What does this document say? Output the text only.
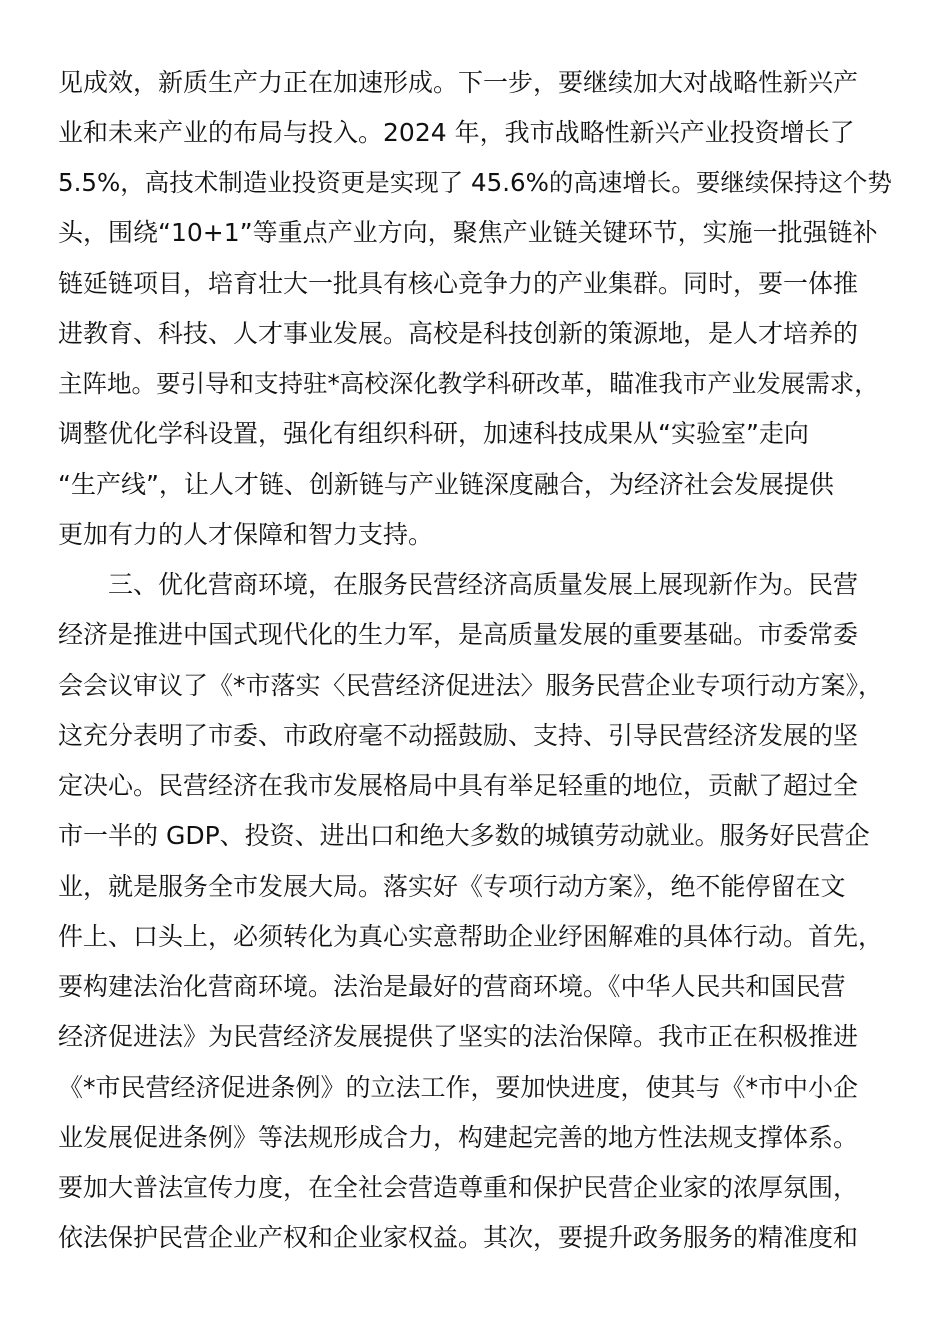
见成效，新质生产力正在加速形成。下一步，要继续加大对战略性新兴产
业和未来产业的布局与投入。2024 年，我市战略性新兴产业投资增长了
5.5%，高技术制造业投资更是实现了 45.6%的高速增长。要继续保持这个势
头，围绕“10+1”等重点产业方向，聚焦产业链关键环节，实施一批强链补
链延链项目，培育壮大一批具有核心竞争力的产业集群。同时，要一体推
进教育、科技、人才事业发展。高校是科技创新的策源地，是人才培养的
主阵地。要引导和支持驻*高校深化教学科研改革，瞄准我市产业发展需求，
调整优化学科设置，强化有组织科研，加速科技成果从“实验室”走向
“生产线”，让人才链、创新链与产业链深度融合，为经济社会发展提供
更加有力的人才保障和智力支持。
三、优化营商环境，在服务民营经济高质量发展上展现新作为。民营
经济是推进中国式现代化的生力军，是高质量发展的重要基础。市委常委
会会议审议了《*市落实〈民营经济促进法〉服务民营企业专项行动方案》，
这充分表明了市委、市政府毫不动摇鼓励、支持、引导民营经济发展的坚
定决心。民营经济在我市发展格局中具有举足轻重的地位，贡献了超过全
市一半的 GDP、投资、进出口和绝大多数的城镇劳动就业。服务好民营企
业，就是服务全市发展大局。落实好《专项行动方案》，绝不能停留在文
件上、口头上，必须转化为真心实意帮助企业纾困解难的具体行动。首先，
要构建法治化营商环境。法治是最好的营商环境。《中华人民共和国民营
经济促进法》为民营经济发展提供了坚实的法治保障。我市正在积极推进
《*市民营经济促进条例》的立法工作，要加快进度，使其与《*市中小企
业发展促进条例》等法规形成合力，构建起完善的地方性法规支撑体系。
要加大普法宣传力度，在全社会营造尊重和保护民营企业家的浓厚氛围，
依法保护民营企业产权和企业家权益。其次，要提升政务服务的精准度和
